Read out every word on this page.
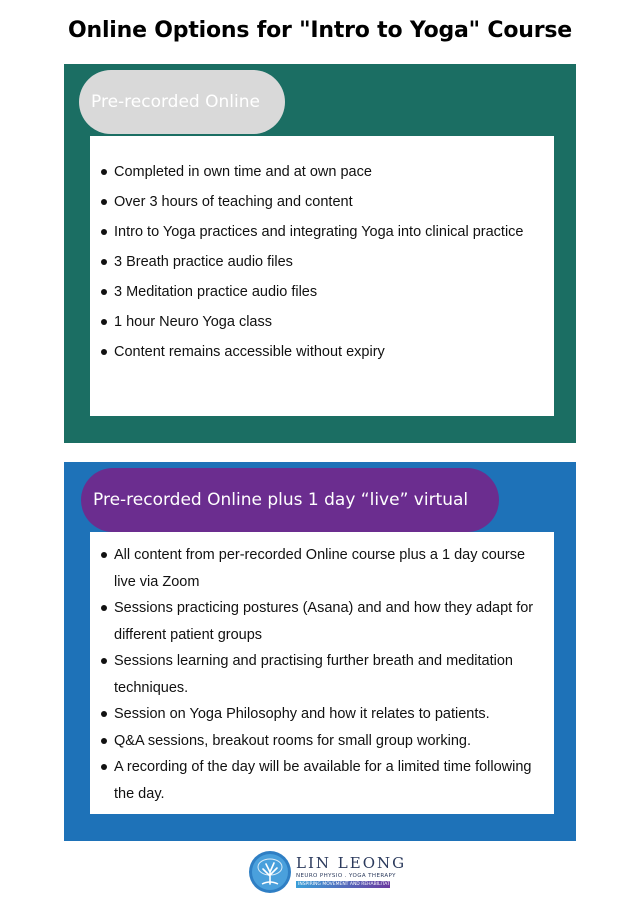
Online Options for "Intro to Yoga" Course
Pre-recorded Online
Completed in own time and at own pace
Over 3 hours of teaching and content
Intro to Yoga practices and integrating Yoga into clinical practice
3 Breath practice audio files
3 Meditation practice audio files
1 hour Neuro Yoga class
Content remains accessible without expiry
Pre-recorded Online plus 1 day “live” virtual
All content from per-recorded Online course plus a 1 day course live via Zoom
Sessions practicing postures (Asana) and and how they adapt for different patient groups
Sessions learning and practising further breath and meditation techniques.
Session on Yoga Philosophy and how it relates to patients.
Q&A sessions, breakout rooms for small group working.
A recording of the day will be available for a limited time following the day.
LIN LEONG
NEURO PHYSIO . YOGA THERAPY
INSPIRING MOVEMENT AND REHABILITATION
